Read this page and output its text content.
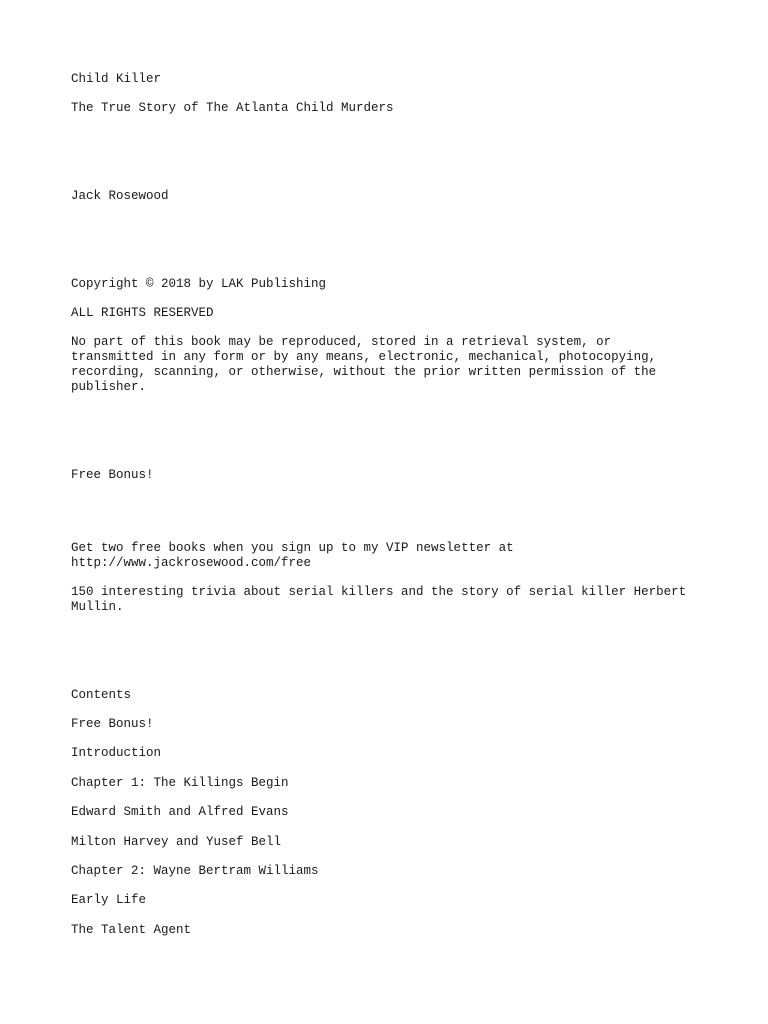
Child Killer

The True Story of The Atlanta Child Murders

Jack Rosewood

Copyright © 2018 by LAK Publishing

ALL RIGHTS RESERVED

No part of this book may be reproduced, stored in a retrieval system, or transmitted in any form or by any means, electronic, mechanical, photocopying, recording, scanning, or otherwise, without the prior written permission of the publisher.

Free Bonus!

Get two free books when you sign up to my VIP newsletter at
http://www.jackrosewood.com/free

150 interesting trivia about serial killers and the story of serial killer Herbert Mullin.

Contents

Free Bonus!

Introduction

Chapter 1: The Killings Begin

Edward Smith and Alfred Evans

Milton Harvey and Yusef Bell

Chapter 2: Wayne Bertram Williams

Early Life

The Talent Agent
